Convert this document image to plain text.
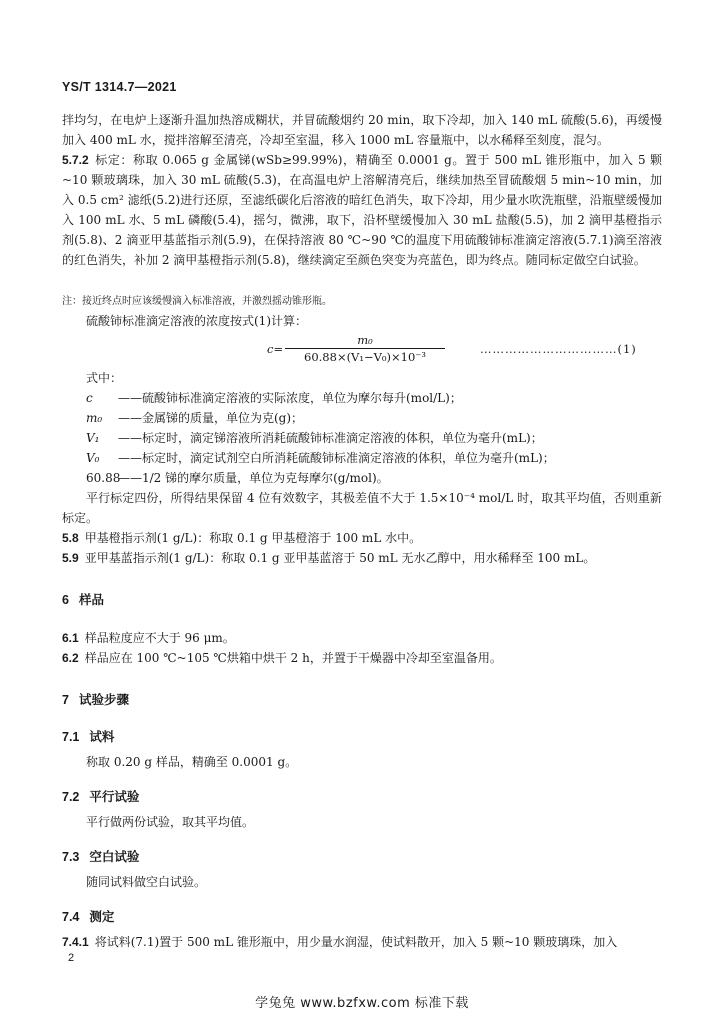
YS/T 1314.7—2021
拌均匀，在电炉上逐渐升温加热溶成糊状，并冒硫酸烟约 20 min，取下冷却，加入 140 mL 硫酸(5.6)，再缓慢加入 400 mL 水，搅拌溶解至清亮，冷却至室温，移入 1000 mL 容量瓶中，以水稀释至刻度，混匀。
5.7.2 标定：称取 0.065 g 金属锑(wSb≥99.99%)，精确至 0.0001 g。置于 500 mL 锥形瓶中，加入 5 颗~10 颗玻璃珠，加入 30 mL 硫酸(5.3)，在高温电炉上溶解清亮后，继续加热至冒硫酸烟 5 min~10 min，加入 0.5 cm² 滤纸(5.2)进行还原，至滤纸碳化后溶液的暗红色消失，取下冷却，用少量水吹洗瓶壁，沿瓶壁缓慢加入 100 mL 水、5 mL 磷酸(5.4)，摇匀，微沸，取下，沿杯壁缓慢加入 30 mL 盐酸(5.5)，加 2 滴甲基橙指示剂(5.8)、2 滴亚甲基蓝指示剂(5.9)，在保持溶液 80 ℃~90 ℃的温度下用硫酸铈标准滴定溶液(5.7.1)滴至溶液的红色消失，补加 2 滴甲基橙指示剂(5.8)，继续滴定至颜色突变为亮蓝色，即为终点。随同标定做空白试验。
注：接近终点时应该缓慢滴入标准溶液，并激烈摇动锥形瓶。
硫酸铈标准滴定溶液的浓度按式(1)计算：
c=
m₀
60.88×(V₁−V₀)×10⁻³
……………………………(1)
式中：
c ——硫酸铈标准滴定溶液的实际浓度，单位为摩尔每升(mol/L)；
m₀ ——金属锑的质量，单位为克(g)；
V₁ ——标定时，滴定锑溶液所消耗硫酸铈标准滴定溶液的体积，单位为毫升(mL)；
V₀ ——标定时，滴定试剂空白所消耗硫酸铈标准滴定溶液的体积，单位为毫升(mL)；
60.88——1/2 锑的摩尔质量，单位为克每摩尔(g/mol)。
平行标定四份，所得结果保留 4 位有效数字，其极差值不大于 1.5×10⁻⁴ mol/L 时，取其平均值，否则重新标定。
5.8 甲基橙指示剂(1 g/L)：称取 0.1 g 甲基橙溶于 100 mL 水中。
5.9 亚甲基蓝指示剂(1 g/L)：称取 0.1 g 亚甲基蓝溶于 50 mL 无水乙醇中，用水稀释至 100 mL。
6 样品
6.1 样品粒度应不大于 96 μm。
6.2 样品应在 100 ℃~105 ℃烘箱中烘干 2 h，并置于干燥器中冷却至室温备用。
7 试验步骤
7.1 试料
称取 0.20 g 样品，精确至 0.0001 g。
7.2 平行试验
平行做两份试验，取其平均值。
7.3 空白试验
随同试料做空白试验。
7.4 测定
7.4.1 将试料(7.1)置于 500 mL 锥形瓶中，用少量水润湿，使试料散开，加入 5 颗~10 颗玻璃珠，加入
2
学兔兔 www.bzfxw.com 标准下载
